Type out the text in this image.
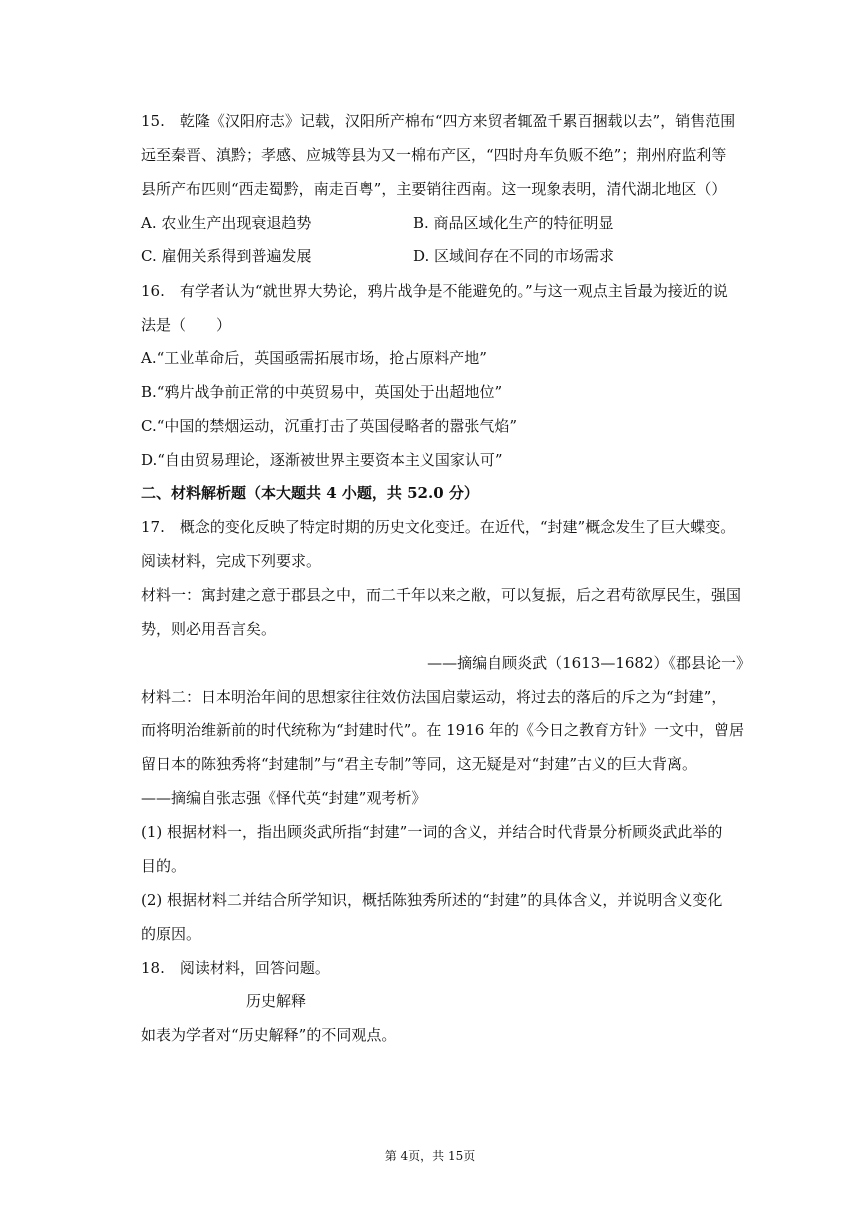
15.　乾隆《汉阳府志》记载，汉阳所产棉布“四方来贸者辄盈千累百捆载以去”，销售范围
远至秦晋、滇黔；孝感、应城等县为又一棉布产区，“四时舟车负贩不绝”；荆州府监利等
县所产布匹则“西走蜀黔，南走百粤”，主要销往西南。这一现象表明，清代湖北地区（）
A. 农业生产出现衰退趋势	B. 商品区域化生产的特征明显
C. 雇佣关系得到普遍发展	D. 区域间存在不同的市场需求
16.　有学者认为“就世界大势论，鸦片战争是不能避免的。”与这一观点主旨最为接近的说
法是（　　）
A.“工业革命后，英国亟需拓展市场，抢占原料产地”
B.“鸦片战争前正常的中英贸易中，英国处于出超地位”
C.“中国的禁烟运动，沉重打击了英国侵略者的嚣张气焰”
D.“自由贸易理论，逐渐被世界主要资本主义国家认可”
二、材料解析题（本大题共 4 小题，共 52.0 分）
17.　概念的变化反映了特定时期的历史文化变迁。在近代，“封建”概念发生了巨大蝶变。
阅读材料，完成下列要求。
材料一：寓封建之意于郡县之中，而二千年以来之敝，可以复振，后之君苟欲厚民生，强国
势，则必用吾言矣。
——摘编自顾炎武（1613—1682）《郡县论一》
材料二：日本明治年间的思想家往往效仿法国启蒙运动，将过去的落后的斥之为“封建”，
而将明治维新前的时代统称为“封建时代”。在 1916 年的《今日之教育方针》一文中，曾居
留日本的陈独秀将“封建制”与“君主专制”等同，这无疑是对“封建”古义的巨大背离。
——摘编自张志强《怿代英“封建”观考析》
(1) 根据材料一，指出顾炎武所指“封建”一词的含义，并结合时代背景分析顾炎武此举的
目的。
(2) 根据材料二并结合所学知识，概括陈独秀所述的“封建”的具体含义，并说明含义变化
的原因。
18.　阅读材料，回答问题。
历史解释
如表为学者对“历史解释”的不同观点。
第 4页，共 15页
